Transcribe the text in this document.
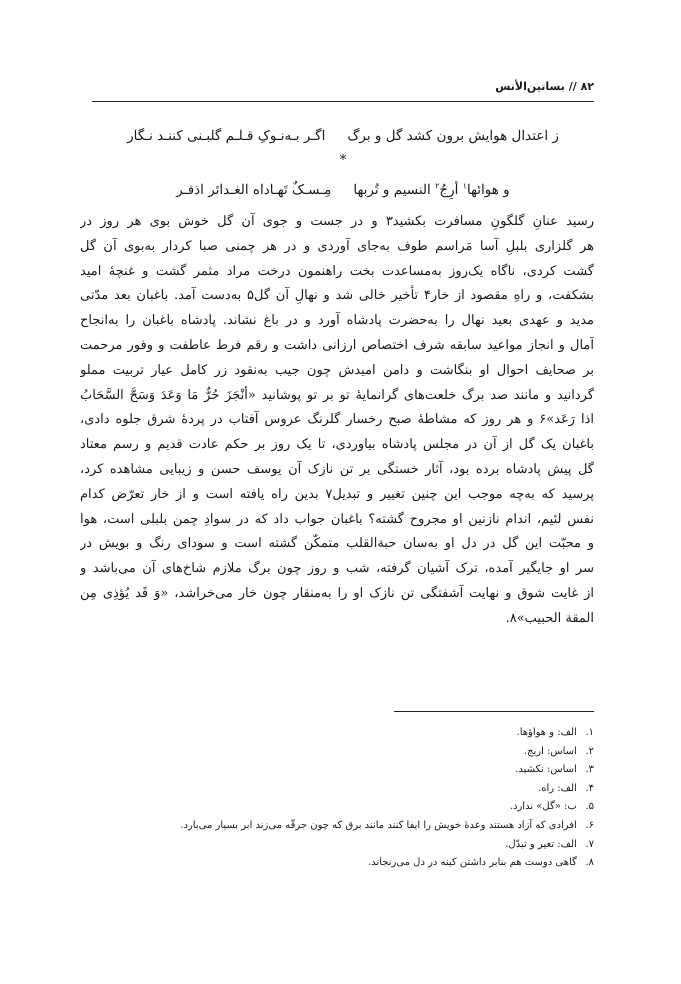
۸۲ // بساتین‌الأنس
ز اعتدال هوایش برون کشد گل و برگاگـر بـه‌نـوکِ قـلـم گلبـنی کننـد نـگار
*
و هوائها$^۱$ أرِجُ$^۲$ النسیم و تُربهامِـسـکٌ تَهـاداه الغـدائر اذفـر
رسید عنانِ گلگونِ مسافرت بکشید۳ و در جست و جوی آن گل خوش بوی هر روز در
هر گلزاری بلبلِ آسا مَراسم طوف به‌جای آوردی و در هر چمنی صبا کردار به‌بوی آن گل
گشت کردی، ناگاه یک‌روز به‌مساعدت بخت راهنمون درخت مراد مثمر گشت و غنچهٔ امید
بشکفت، و راهِ مقصود از خار۴ تأخیر خالی شد و نهالِ آن گل۵ به‌دست آمد. باغبان بعد مدّتی
مدید و عهدی بعید نهال را به‌حضرت پادشاه آورد و در باغ نشاند. پادشاه باغبان را به‌انجاح
آمال و انجاز مواعید سابقه شرف اختصاص ارزانی داشت و رقم فرط عاطفت و وفور مرحمت
بر صحایف احوال او بنگاشت و دامن امیدش چون جیب به‌نقود زر کامل عیار تربیت مملو
گردانید و مانند صد برگ خلعت‌های گرانمایهٔ تو بر تو پوشانید «أنْجَزَ حُرٌّ مَا وَعَدَ وَسَحَّ السَّحَابُ
اذا رَعَد»۶ و هر روز که مشاطهٔ صبح رخسار گلرنگ عروس آفتاب در پردهٔ شرق جلوه دادی،
باغبان یک گل از آن در مجلس پادشاه بیاوردی، تا یک روز بر حکم عادت قدیم و رسم معتاد
گل پیش پادشاه برده بود، آثار خستگی بر تن نازک آن یوسف حسن و زیبایی مشاهده کرد،
پرسید که به‌چه موجب این چنین تغییر و تبدیل۷ بدین راه یافته است و از خار تعرّض کدام
نفس لئیم، اندام نازنین او مجروح گشته؟ باغبان جواب داد که در سوادِ چمن بلبلی است، هوا
و محبّت این گل در دل او به‌سان حبةالقلب متمکّن گشته است و سودای رنگ و بویش در
سر او جایگیر آمده، ترک آشیان گرفته، شب و روز چون برگ ملازم شاخ‌های آن می‌باشد و
از غایت شوق و نهایت آشفتگی تن نازک او را به‌منقار چون خار می‌خراشد، «وَ قَد یُؤذِی مِن
المقة الحبیب»۸.
۱. الف: و هواؤها.
۲. اساس: اریج.
۳. اساس: نکشید.
۴. الف: راه.
۵. ب: «گل» ندارد.
۶. افرادی که آزاد هستند وعدهٔ خویش را ایفا کنند مانند برق که چون جرقّه می‌زند ابر بسیار می‌بارد.
۷. الف: تغیر و تبدّل.
۸. گاهی دوست هم بنابر داشتن کینه در دل می‌رنجاند.
